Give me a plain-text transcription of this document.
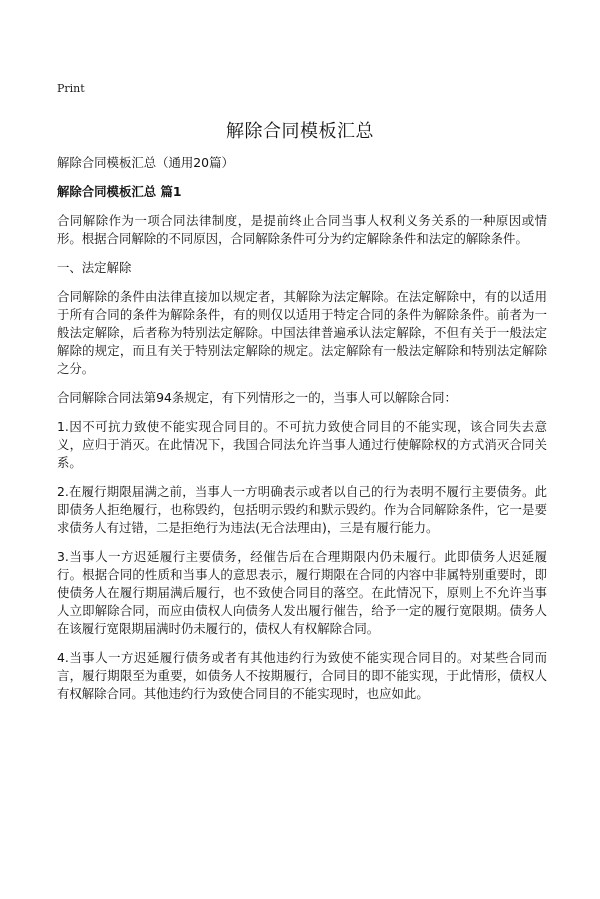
Print
解除合同模板汇总

解除合同模板汇总（通用20篇）

解除合同模板汇总 篇1

合同解除作为一项合同法律制度，是提前终止合同当事人权利义务关系的一种原因或情形。根据合同解除的不同原因，合同解除条件可分为约定解除条件和法定的解除条件。

一、法定解除

合同解除的条件由法律直接加以规定者，其解除为法定解除。在法定解除中，有的以适用于所有合同的条件为解除条件，有的则仅以适用于特定合同的条件为解除条件。前者为一般法定解除，后者称为特别法定解除。中国法律普遍承认法定解除，不但有关于一般法定解除的规定，而且有关于特别法定解除的规定。法定解除有一般法定解除和特别法定解除之分。

合同解除合同法第94条规定，有下列情形之一的，当事人可以解除合同：

1.因不可抗力致使不能实现合同目的。不可抗力致使合同目的不能实现，该合同失去意义，应归于消灭。在此情况下，我国合同法允许当事人通过行使解除权的方式消灭合同关系。

2.在履行期限届满之前，当事人一方明确表示或者以自己的行为表明不履行主要债务。此即债务人拒绝履行，也称毁约，包括明示毁约和默示毁约。作为合同解除条件，它一是要求债务人有过错，二是拒绝行为违法(无合法理由)，三是有履行能力。

3.当事人一方迟延履行主要债务，经催告后在合理期限内仍未履行。此即债务人迟延履行。根据合同的性质和当事人的意思表示，履行期限在合同的内容中非属特别重要时，即使债务人在履行期届满后履行，也不致使合同目的落空。在此情况下，原则上不允许当事人立即解除合同，而应由债权人向债务人发出履行催告，给予一定的履行宽限期。债务人在该履行宽限期届满时仍未履行的，债权人有权解除合同。

4.当事人一方迟延履行债务或者有其他违约行为致使不能实现合同目的。对某些合同而言，履行期限至为重要，如债务人不按期履行，合同目的即不能实现，于此情形，债权人有权解除合同。其他违约行为致使合同目的不能实现时，也应如此。
